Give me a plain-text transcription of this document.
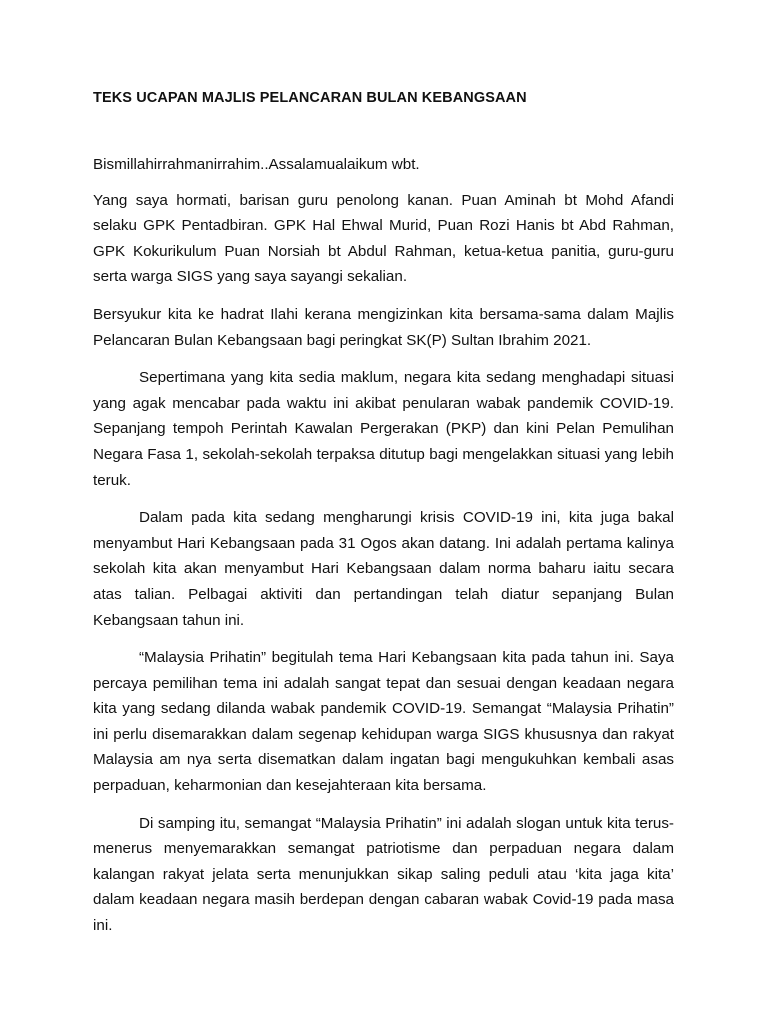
TEKS UCAPAN MAJLIS PELANCARAN BULAN KEBANGSAAN

Bismillahirrahmanirrahim..Assalamualaikum wbt.

Yang saya hormati, barisan guru penolong kanan. Puan Aminah bt Mohd Afandi selaku GPK Pentadbiran. GPK Hal Ehwal Murid, Puan Rozi Hanis bt Abd Rahman, GPK Kokurikulum Puan Norsiah bt Abdul Rahman, ketua-ketua panitia, guru-guru serta warga SIGS yang saya sayangi sekalian.

Bersyukur kita ke hadrat Ilahi kerana mengizinkan kita bersama-sama dalam Majlis Pelancaran Bulan Kebangsaan bagi peringkat SK(P) Sultan Ibrahim 2021.

Sepertimana yang kita sedia maklum, negara kita sedang menghadapi situasi yang agak mencabar pada waktu ini akibat penularan wabak pandemik COVID-19. Sepanjang tempoh Perintah Kawalan Pergerakan (PKP) dan kini Pelan Pemulihan Negara Fasa 1, sekolah-sekolah terpaksa ditutup bagi mengelakkan situasi yang lebih teruk.

Dalam pada kita sedang mengharungi krisis COVID-19 ini, kita juga bakal menyambut Hari Kebangsaan pada 31 Ogos akan datang. Ini adalah pertama kalinya sekolah kita akan menyambut Hari Kebangsaan dalam norma baharu iaitu secara atas talian. Pelbagai aktiviti dan pertandingan telah diatur sepanjang Bulan Kebangsaan tahun ini.

“Malaysia Prihatin” begitulah tema Hari Kebangsaan kita pada tahun ini. Saya percaya pemilihan tema ini adalah sangat tepat dan sesuai dengan keadaan negara kita yang sedang dilanda wabak pandemik COVID-19. Semangat “Malaysia Prihatin” ini perlu disemarakkan dalam segenap kehidupan warga SIGS khususnya dan rakyat Malaysia am nya serta disematkan dalam ingatan bagi mengukuhkan kembali asas perpaduan, keharmonian dan kesejahteraan kita bersama.

Di samping itu, semangat “Malaysia Prihatin” ini adalah slogan untuk kita terus-menerus menyemarakkan semangat patriotisme dan perpaduan negara dalam kalangan rakyat jelata serta menunjukkan sikap saling peduli atau ‘kita jaga kita’ dalam keadaan negara masih berdepan dengan cabaran wabak Covid-19 pada masa ini.
